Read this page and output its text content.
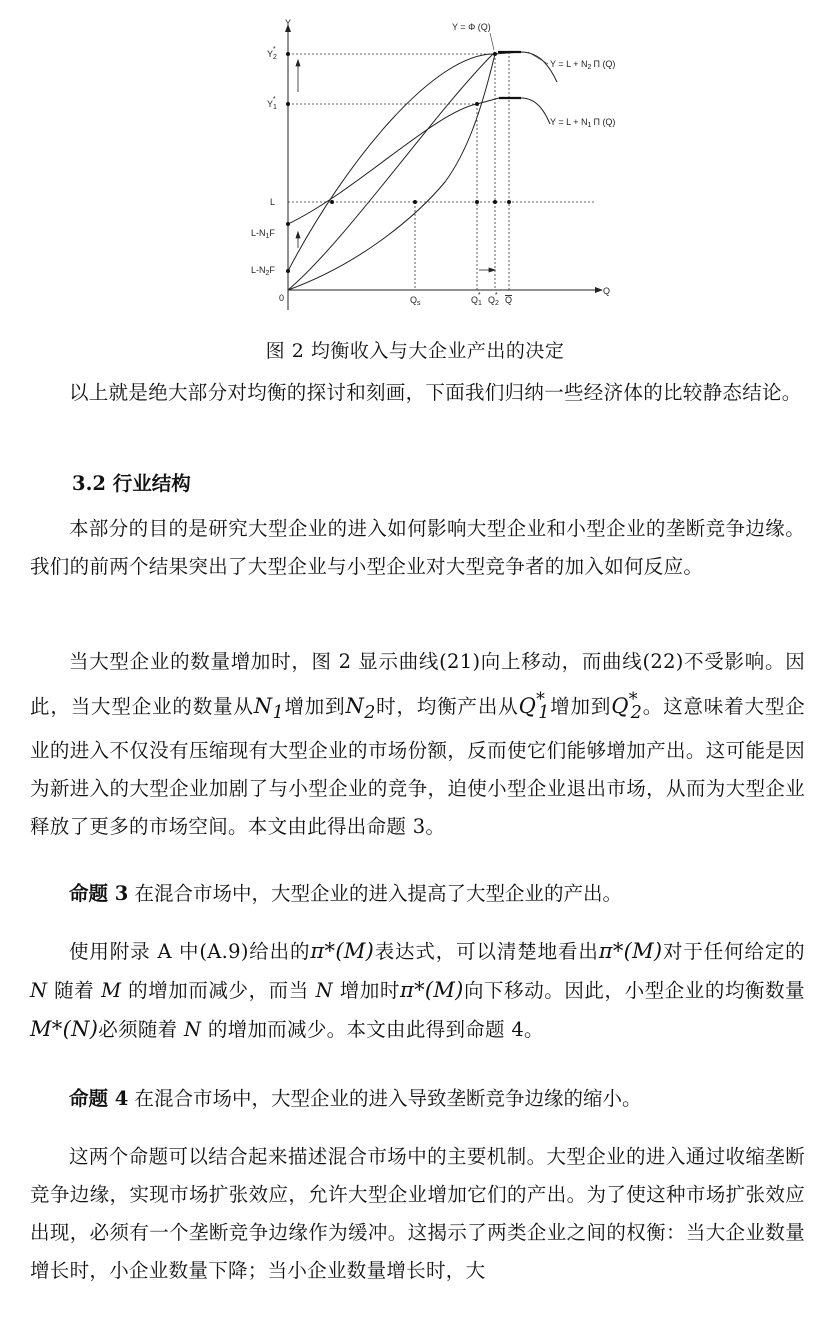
Y
Q
0
$Y_2*$
$Y_1*$
L
$L-N_1F$
$L-N_2F$
$Q_s$	$Q_1*$ $Q_2*$ Q
Y = Φ (Q)
$Y = L + N_2$ Π (Q)
$Y = L + N_1$ Π (Q)
图 2 均衡收入与大企业产出的决定

以上就是绝大部分对均衡的探讨和刻画，下面我们归纳一些经济体的比较静态结论。

3.2 行业结构

本部分的目的是研究大型企业的进入如何影响大型企业和小型企业的垄断竞争边缘。我们的前两个结果突出了大型企业与小型企业对大型竞争者的加入如何反应。

当大型企业的数量增加时，图 2 显示曲线(21)向上移动，而曲线(22)不受影响。因此，当大型企业的数量从$N_1$增加到$N_2$时，均衡产出从$Q^*_1$增加到$Q^*_2$。这意味着大型企业的进入不仅没有压缩现有大型企业的市场份额，反而使它们能够增加产出。这可能是因为新进入的大型企业加剧了与小型企业的竞争，迫使小型企业退出市场，从而为大型企业释放了更多的市场空间。本文由此得出命题 3。

命题 3 在混合市场中，大型企业的进入提高了大型企业的产出。

使用附录 A 中(A.9)给出的π*(M)表达式，可以清楚地看出π*(M)对于任何给定的 N 随着 M 的增加而减少，而当 N 增加时π*(M)向下移动。因此，小型企业的均衡数量M*(N)必须随着 N 的增加而减少。本文由此得到命题 4。

命题 4 在混合市场中，大型企业的进入导致垄断竞争边缘的缩小。

这两个命题可以结合起来描述混合市场中的主要机制。大型企业的进入通过收缩垄断竞争边缘，实现市场扩张效应，允许大型企业增加它们的产出。为了使这种市场扩张效应出现，必须有一个垄断竞争边缘作为缓冲。这揭示了两类企业之间的权衡：当大企业数量增长时，小企业数量下降；当小企业数量增长时，大
